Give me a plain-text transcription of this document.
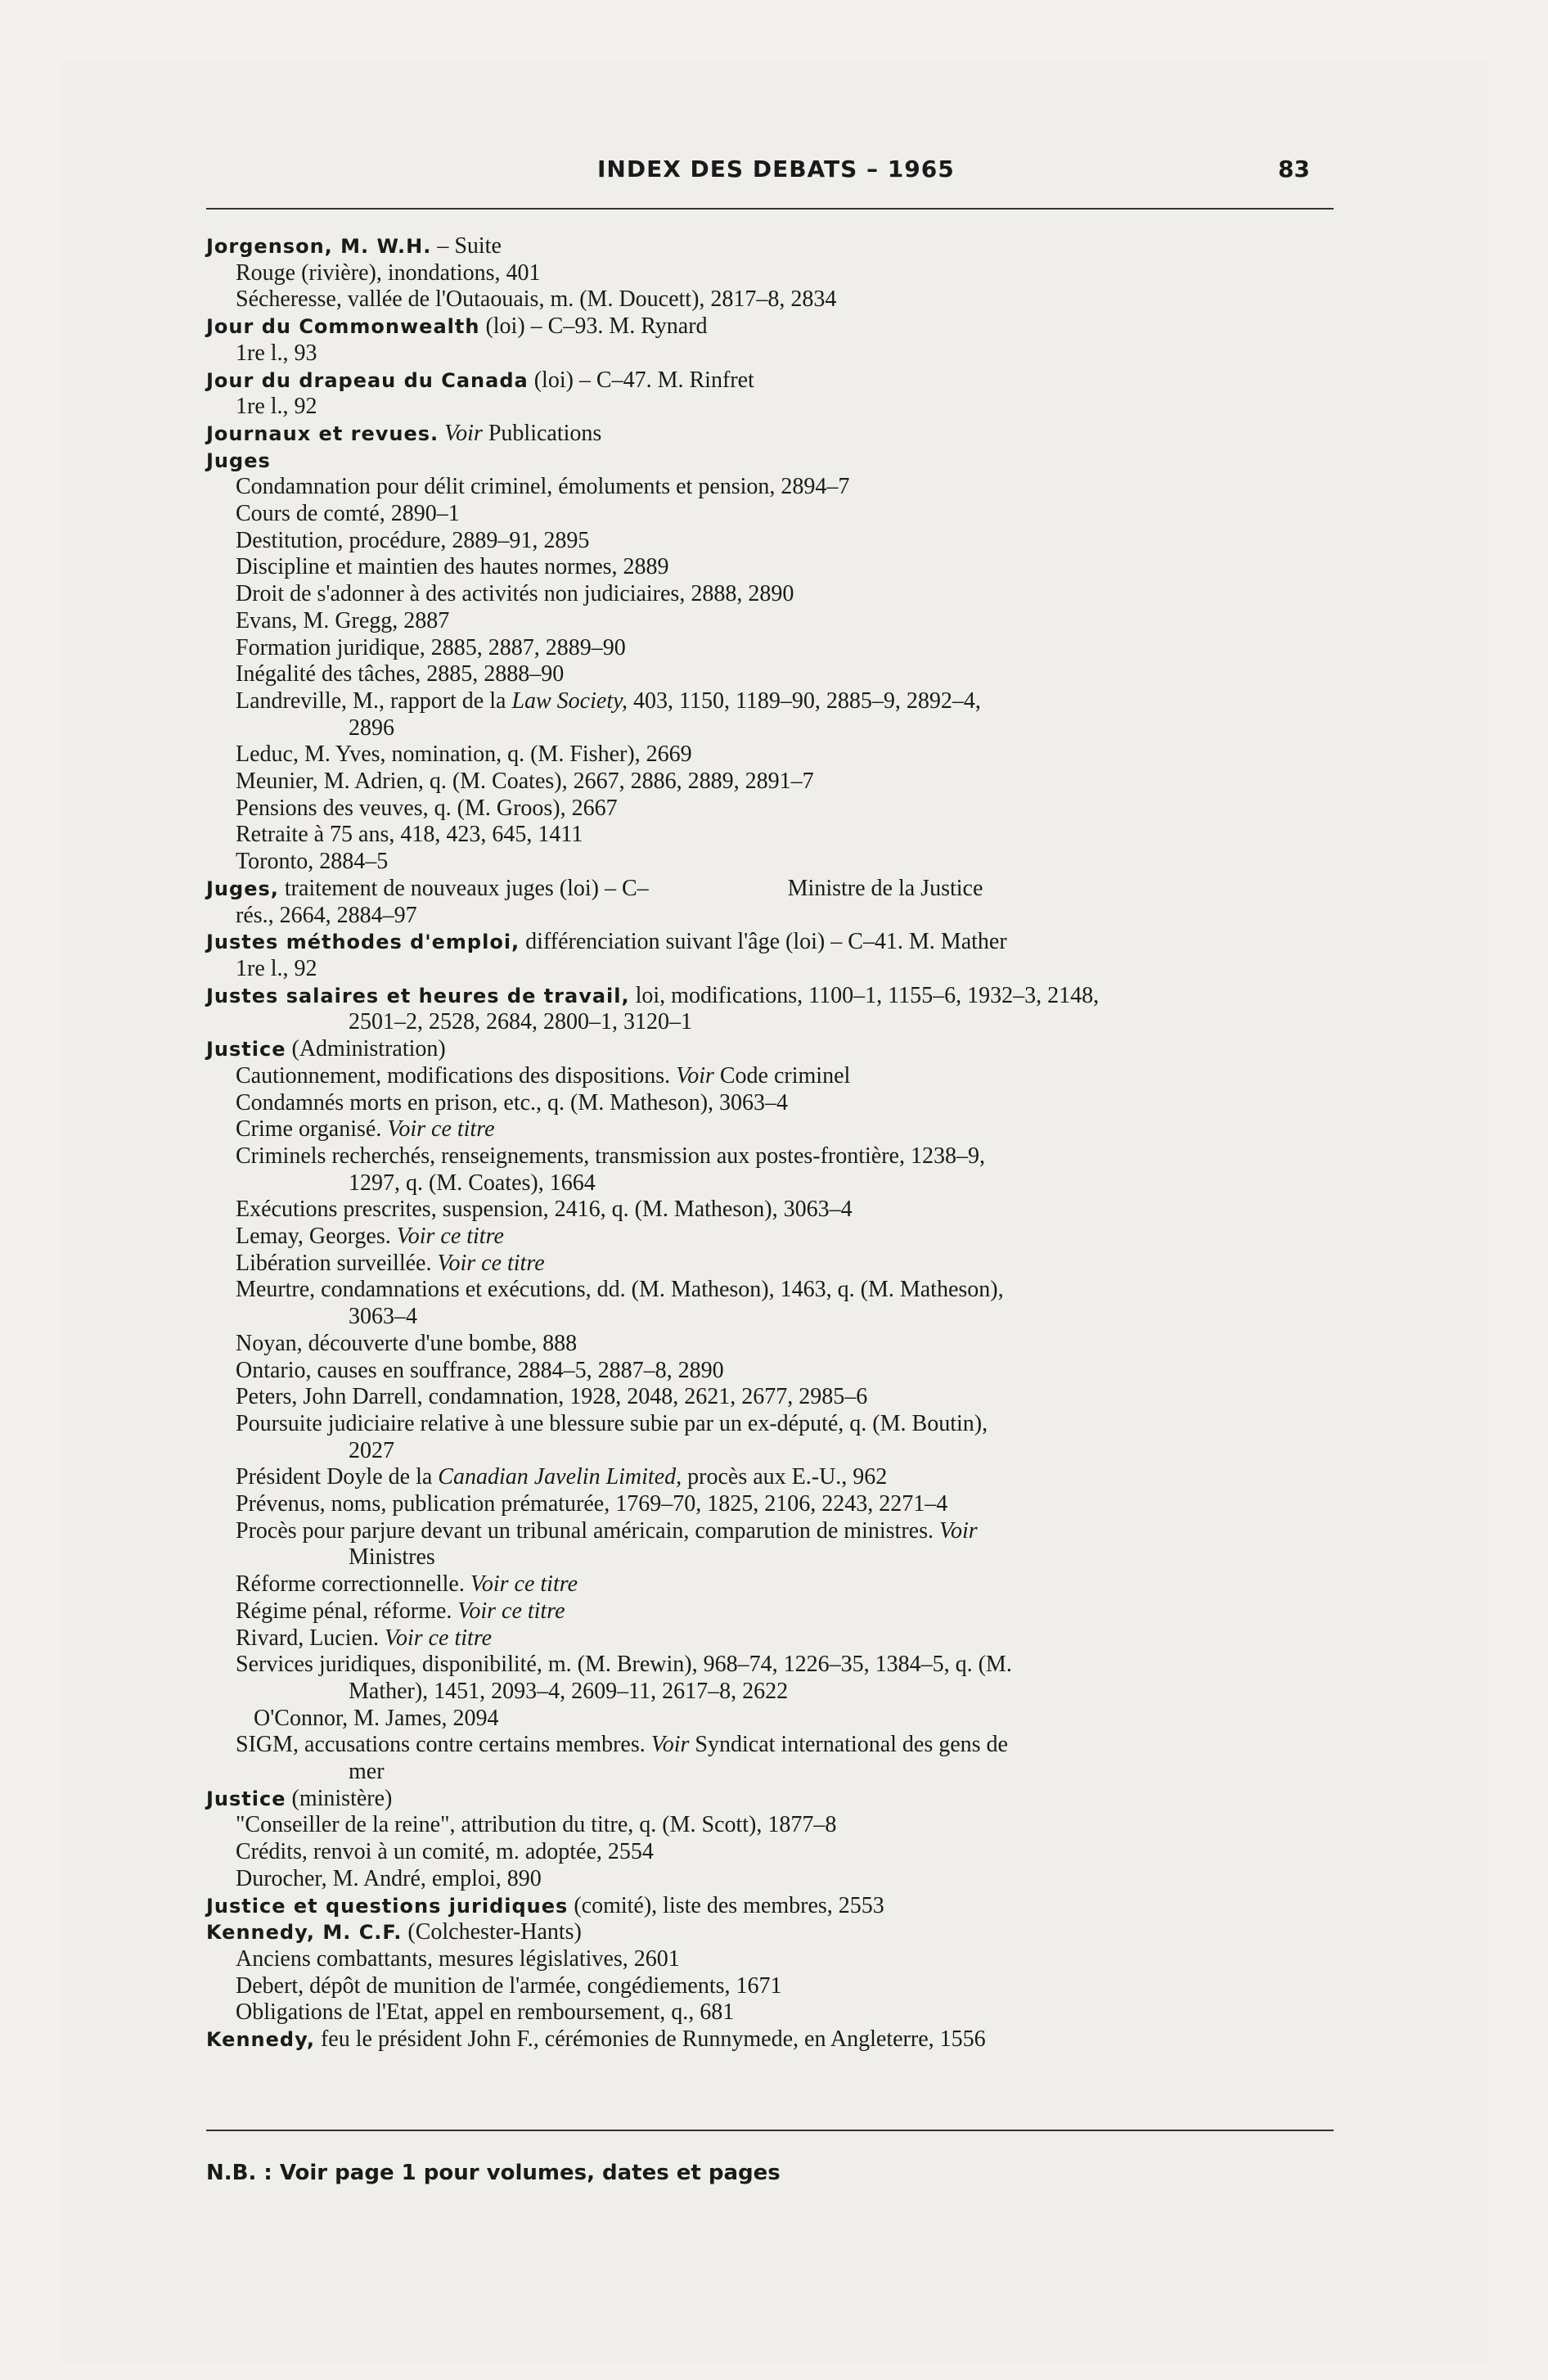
INDEX DES DEBATS – 1965	83
Jorgenson, M. W.H. – Suite
Rouge (rivière), inondations, 401
Sécheresse, vallée de l'Outaouais, m. (M. Doucett), 2817–8, 2834
Jour du Commonwealth (loi) – C–93. M. Rynard
1re l., 93
Jour du drapeau du Canada (loi) – C–47. M. Rinfret
1re l., 92
Journaux et revues. Voir Publications
Juges
Condamnation pour délit criminel, émoluments et pension, 2894–7
Cours de comté, 2890–1
Destitution, procédure, 2889–91, 2895
Discipline et maintien des hautes normes, 2889
Droit de s'adonner à des activités non judiciaires, 2888, 2890
Evans, M. Gregg, 2887
Formation juridique, 2885, 2887, 2889–90
Inégalité des tâches, 2885, 2888–90
Landreville, M., rapport de la Law Society, 403, 1150, 1189–90, 2885–9, 2892–4,
2896
Leduc, M. Yves, nomination, q. (M. Fisher), 2669
Meunier, M. Adrien, q. (M. Coates), 2667, 2886, 2889, 2891–7
Pensions des veuves, q. (M. Groos), 2667
Retraite à 75 ans, 418, 423, 645, 1411
Toronto, 2884–5
Juges, traitement de nouveaux juges (loi) – C–	Ministre de la Justice
rés., 2664, 2884–97
Justes méthodes d'emploi, différenciation suivant l'âge (loi) – C–41. M. Mather
1re l., 92
Justes salaires et heures de travail, loi, modifications, 1100–1, 1155–6, 1932–3, 2148,
2501–2, 2528, 2684, 2800–1, 3120–1
Justice (Administration)
Cautionnement, modifications des dispositions. Voir Code criminel
Condamnés morts en prison, etc., q. (M. Matheson), 3063–4
Crime organisé. Voir ce titre
Criminels recherchés, renseignements, transmission aux postes-frontière, 1238–9,
1297, q. (M. Coates), 1664
Exécutions prescrites, suspension, 2416, q. (M. Matheson), 3063–4
Lemay, Georges. Voir ce titre
Libération surveillée. Voir ce titre
Meurtre, condamnations et exécutions, dd. (M. Matheson), 1463, q. (M. Matheson),
3063–4
Noyan, découverte d'une bombe, 888
Ontario, causes en souffrance, 2884–5, 2887–8, 2890
Peters, John Darrell, condamnation, 1928, 2048, 2621, 2677, 2985–6
Poursuite judiciaire relative à une blessure subie par un ex-député, q. (M. Boutin),
2027
Président Doyle de la Canadian Javelin Limited, procès aux E.-U., 962
Prévenus, noms, publication prématurée, 1769–70, 1825, 2106, 2243, 2271–4
Procès pour parjure devant un tribunal américain, comparution de ministres. Voir
Ministres
Réforme correctionnelle. Voir ce titre
Régime pénal, réforme. Voir ce titre
Rivard, Lucien. Voir ce titre
Services juridiques, disponibilité, m. (M. Brewin), 968–74, 1226–35, 1384–5, q. (M.
Mather), 1451, 2093–4, 2609–11, 2617–8, 2622
O'Connor, M. James, 2094
SIGM, accusations contre certains membres. Voir Syndicat international des gens de
mer
Justice (ministère)
"Conseiller de la reine", attribution du titre, q. (M. Scott), 1877–8
Crédits, renvoi à un comité, m. adoptée, 2554
Durocher, M. André, emploi, 890
Justice et questions juridiques (comité), liste des membres, 2553
Kennedy, M. C.F. (Colchester-Hants)
Anciens combattants, mesures législatives, 2601
Debert, dépôt de munition de l'armée, congédiements, 1671
Obligations de l'Etat, appel en remboursement, q., 681
Kennedy, feu le président John F., cérémonies de Runnymede, en Angleterre, 1556
N.B. : Voir page 1 pour volumes, dates et pages
